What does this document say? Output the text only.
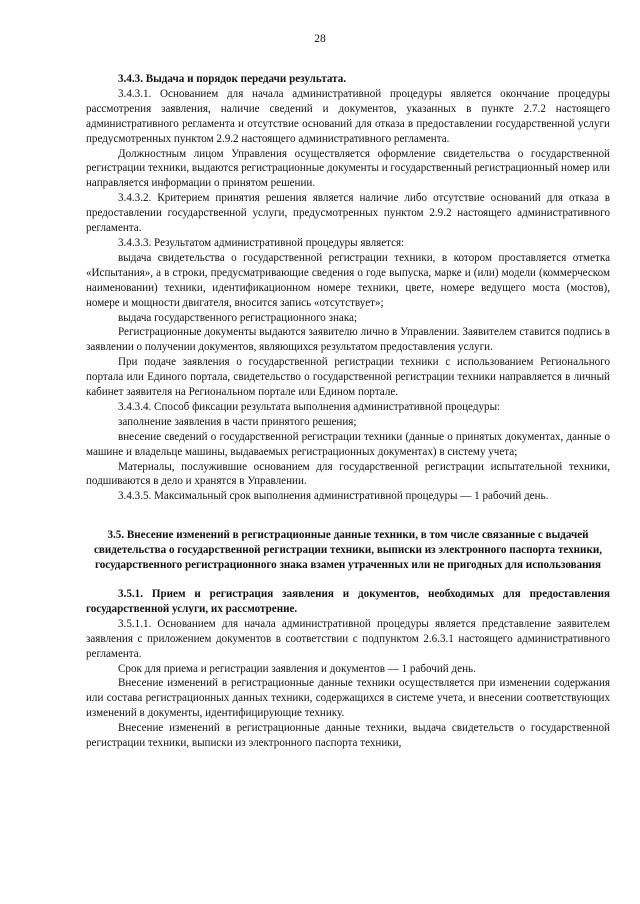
28

3.4.3. Выдача и порядок передачи результата.

3.4.3.1. Основанием для начала административной процедуры является окончание процедуры рассмотрения заявления, наличие сведений и документов, указанных в пункте 2.7.2 настоящего административного регламента и отсутствие оснований для отказа в предоставлении государственной услуги предусмотренных пунктом 2.9.2 настоящего административного регламента.

Должностным лицом Управления осуществляется оформление свидетельства о государственной регистрации техники, выдаются регистрационные документы и государственный регистрационный номер или направляется информации о принятом решении.

3.4.3.2. Критерием принятия решения является наличие либо отсутствие оснований для отказа в предоставлении государственной услуги, предусмотренных пунктом 2.9.2 настоящего административного регламента.

3.4.3.3. Результатом административной процедуры является:

выдача свидетельства о государственной регистрации техники, в котором проставляется отметка «Испытания», а в строки, предусматривающие сведения о годе выпуска, марке и (или) модели (коммерческом наименовании) техники, идентификационном номере техники, цвете, номере ведущего моста (мостов), номере и мощности двигателя, вносится запись «отсутствует»;

выдача государственного регистрационного знака;

Регистрационные документы выдаются заявителю лично в Управлении. Заявителем ставится подпись в заявлении о получении документов, являющихся результатом предоставления услуги.

При подаче заявления о государственной регистрации техники с использованием Регионального портала или Единого портала, свидетельство о государственной регистрации техники направляется в личный кабинет заявителя на Региональном портале или Едином портале.

3.4.3.4. Способ фиксации результата выполнения административной процедуры:

заполнение заявления в части принятого решения;

внесение сведений о государственной регистрации техники (данные о принятых документах, данные о машине и владельце машины, выдаваемых регистрационных документах) в систему учета;

Материалы, послужившие основанием для государственной регистрации испытательной техники, подшиваются в дело и хранятся в Управлении.

3.4.3.5. Максимальный срок выполнения административной процедуры — 1 рабочий день.

3.5. Внесение изменений в регистрационные данные техники, в том числе связанные с выдачей свидетельства о государственной регистрации техники, выписки из электронного паспорта техники, государственного регистрационного знака взамен утраченных или не пригодных для использования

3.5.1. Прием и регистрация заявления и документов, необходимых для предоставления государственной услуги, их рассмотрение.

3.5.1.1. Основанием для начала административной процедуры является представление заявителем заявления с приложением документов в соответствии с подпунктом 2.6.3.1 настоящего административного регламента.

Срок для приема и регистрации заявления и документов — 1 рабочий день.

Внесение изменений в регистрационные данные техники осуществляется при изменении содержания или состава регистрационных данных техники, содержащихся в системе учета, и внесении соответствующих изменений в документы, идентифицирующие технику.

Внесение изменений в регистрационные данные техники, выдача свидетельств о государственной регистрации техники, выписки из электронного паспорта техники,
